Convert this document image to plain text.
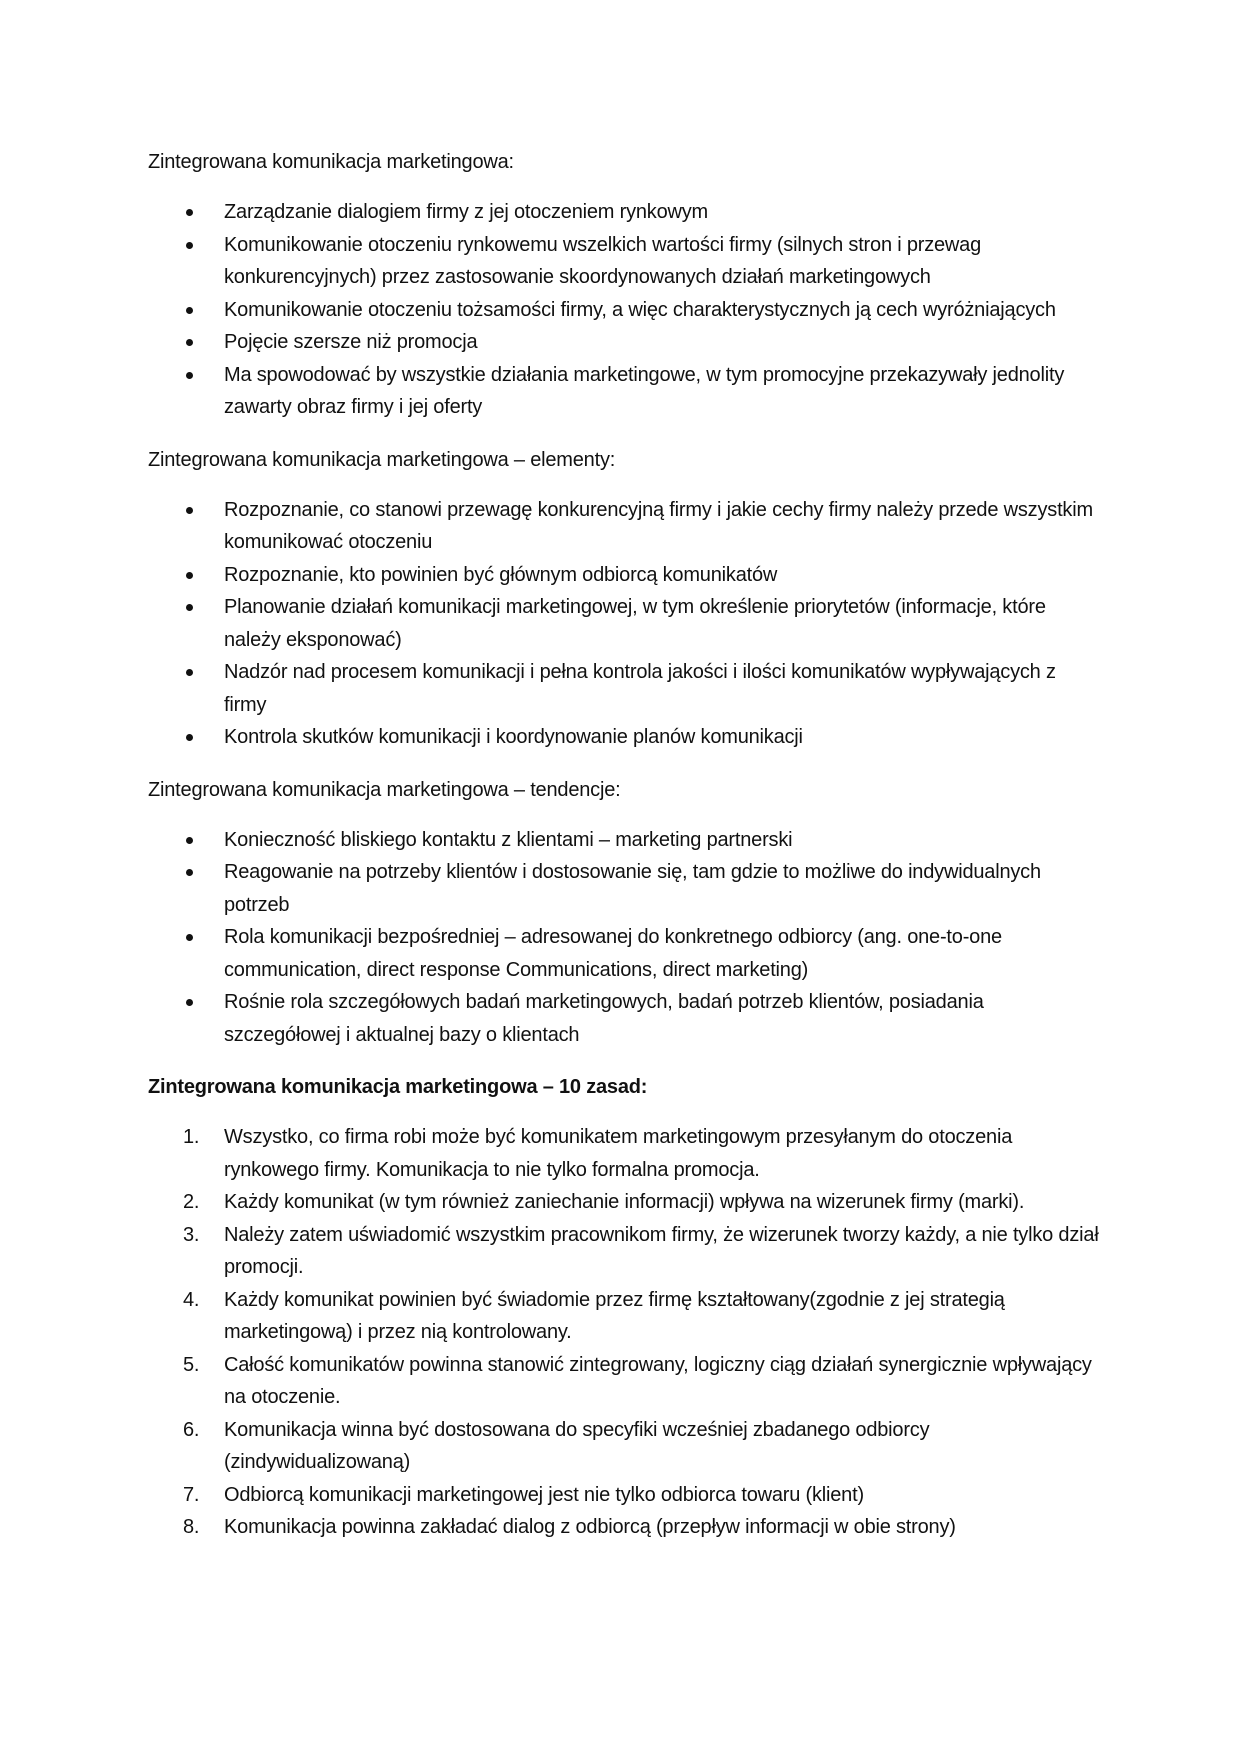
Zintegrowana komunikacja marketingowa:

Zarządzanie dialogiem firmy z jej otoczeniem rynkowym
Komunikowanie otoczeniu rynkowemu wszelkich wartości firmy (silnych stron i przewag konkurencyjnych) przez zastosowanie skoordynowanych działań marketingowych
Komunikowanie otoczeniu tożsamości firmy, a więc charakterystycznych ją cech wyróżniających
Pojęcie szersze niż promocja
Ma spowodować by wszystkie działania marketingowe, w tym promocyjne przekazywały jednolity zawarty obraz firmy i jej oferty

Zintegrowana komunikacja marketingowa – elementy:

Rozpoznanie, co stanowi przewagę konkurencyjną firmy i jakie cechy firmy należy przede wszystkim komunikować otoczeniu
Rozpoznanie, kto powinien być głównym odbiorcą komunikatów
Planowanie działań komunikacji marketingowej, w tym określenie priorytetów (informacje, które należy eksponować)
Nadzór nad procesem komunikacji i pełna kontrola jakości i ilości komunikatów wypływających z firmy
Kontrola skutków komunikacji i koordynowanie planów komunikacji

Zintegrowana komunikacja marketingowa – tendencje:

Konieczność bliskiego kontaktu z klientami – marketing partnerski
Reagowanie na potrzeby klientów i dostosowanie się, tam gdzie to możliwe do indywidualnych potrzeb
Rola komunikacji bezpośredniej – adresowanej do konkretnego odbiorcy (ang. one-to-one communication, direct response Communications, direct marketing)
Rośnie rola szczegółowych badań marketingowych, badań potrzeb klientów, posiadania szczegółowej i aktualnej bazy o klientach

Zintegrowana komunikacja marketingowa – 10 zasad:

1.	Wszystko, co firma robi może być komunikatem marketingowym przesyłanym do otoczenia rynkowego firmy. Komunikacja to nie tylko formalna promocja.
2.	Każdy komunikat (w tym również zaniechanie informacji) wpływa na wizerunek firmy (marki).
3.	Należy zatem uświadomić wszystkim pracownikom firmy, że wizerunek tworzy każdy, a nie tylko dział promocji.
4.	Każdy komunikat powinien być świadomie przez firmę kształtowany(zgodnie z jej strategią marketingową) i przez nią kontrolowany.
5.	Całość komunikatów powinna stanowić zintegrowany, logiczny ciąg działań synergicznie wpływający na otoczenie.
6.	Komunikacja winna być dostosowana do specyfiki wcześniej zbadanego odbiorcy (zindywidualizowaną)
7.	Odbiorcą komunikacji marketingowej jest nie tylko odbiorca towaru (klient)
8.	Komunikacja powinna zakładać dialog z odbiorcą (przepływ informacji w obie strony)
